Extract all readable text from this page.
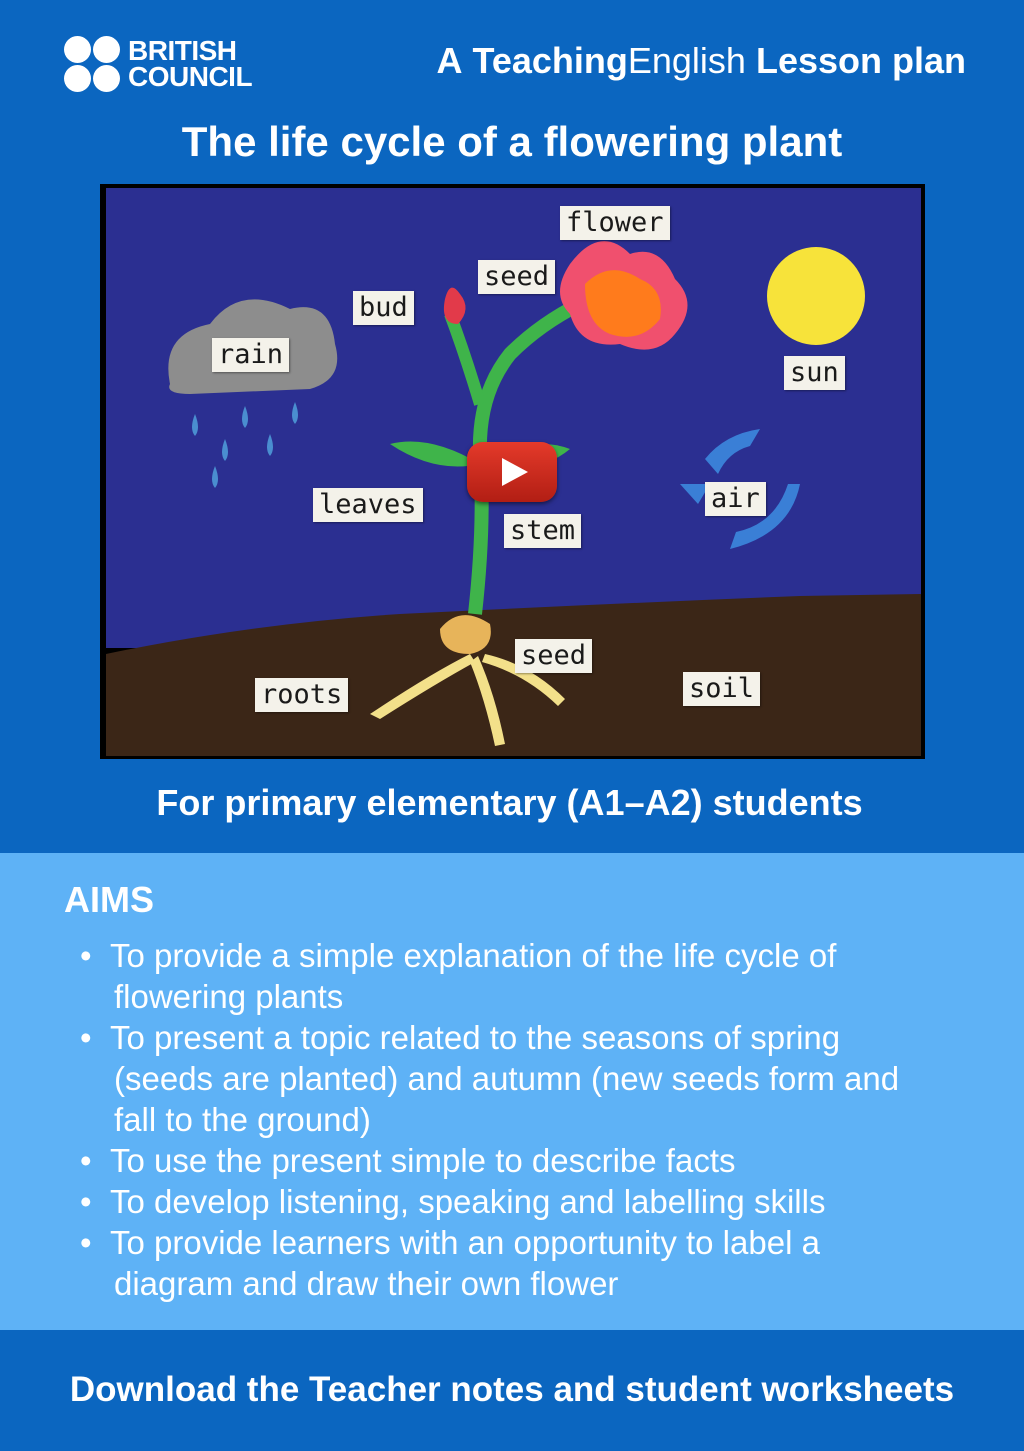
BRITISH
COUNCIL	A TeachingEnglish Lesson plan
The life cycle of a flowering plant
flower
seed
bud
rain
sun
leaves
stem
air
seed
roots	soil
For primary elementary (A1–A2) students
AIMS
• To provide a simple explanation of the life cycle of flowering plants
• To present a topic related to the seasons of spring (seeds are planted) and autumn (new seeds form and fall to the ground)
• To use the present simple to describe facts
• To develop listening, speaking and labelling skills
• To provide learners with an opportunity to label a diagram and draw their own flower
Download the Teacher notes and student worksheets
